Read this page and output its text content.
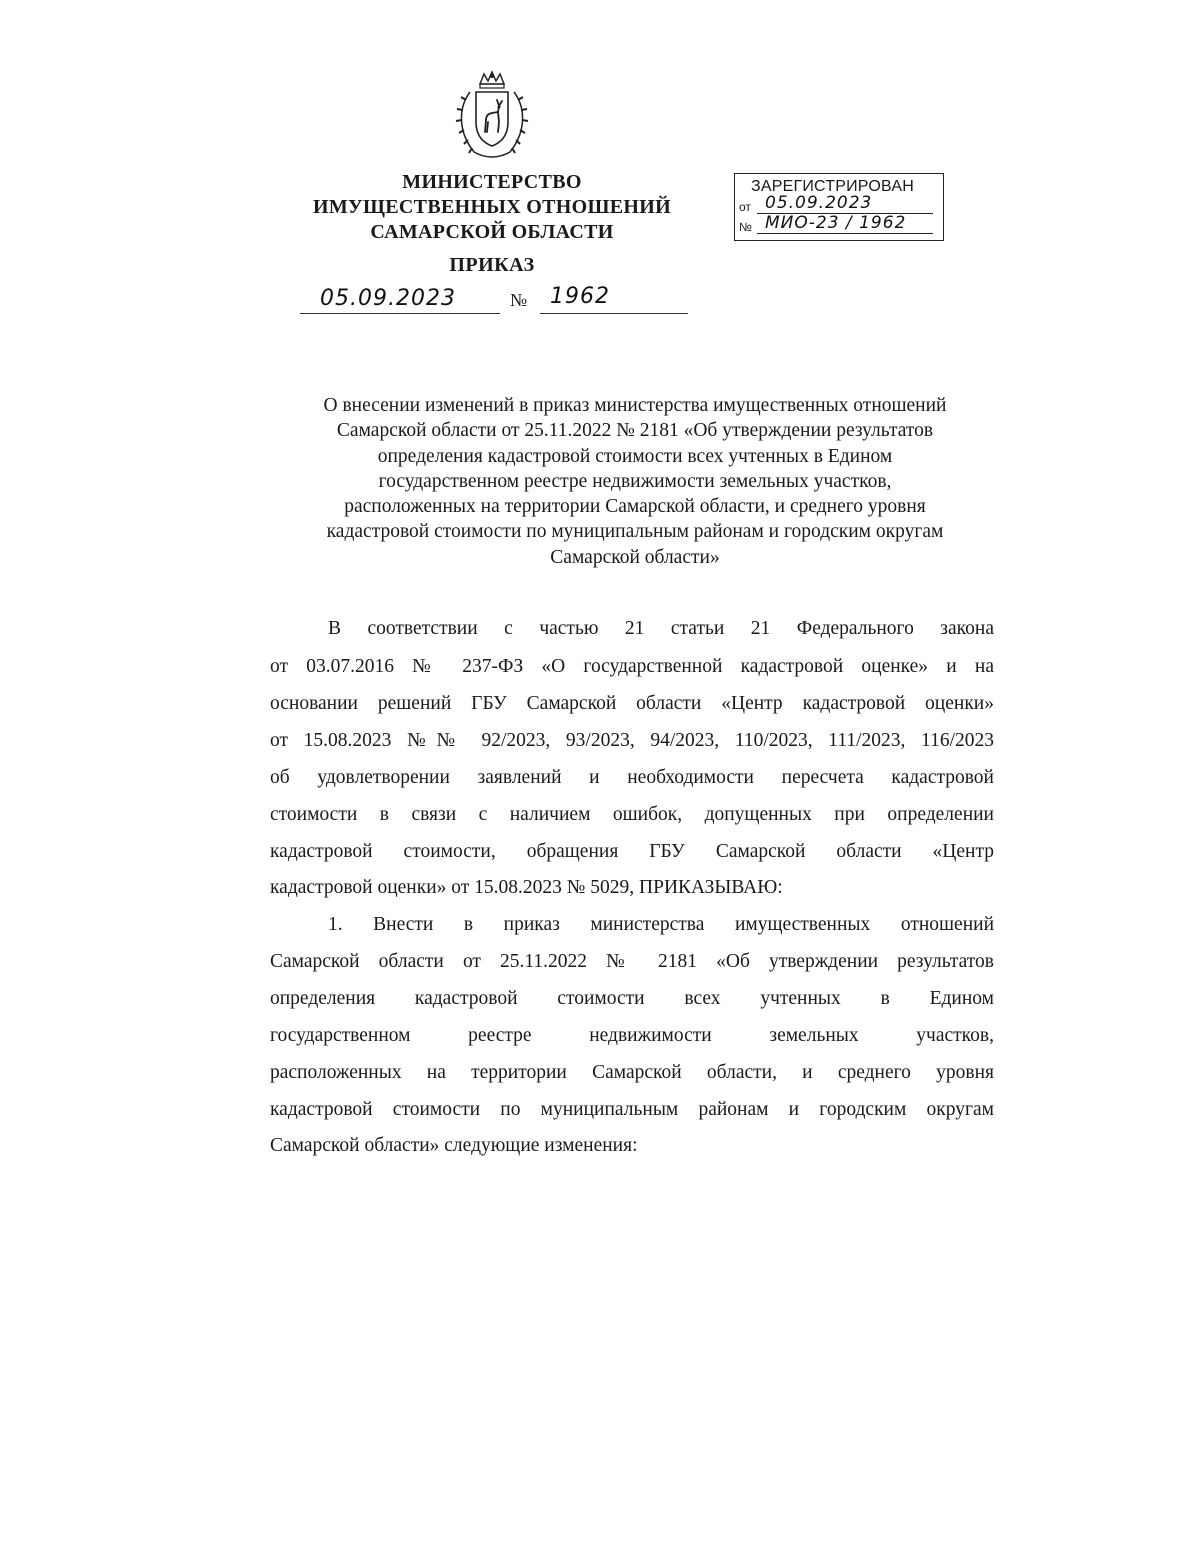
МИНИСТЕРСТВО
ИМУЩЕСТВЕННЫХ ОТНОШЕНИЙ
САМАРСКОЙ ОБЛАСТИ
ПРИКАЗ
05.09.2023	№ 1962
ЗАРЕГИСТРИРОВАН
от 05.09.2023
№ МИО-23 / 1962
О внесении изменений в приказ министерства имущественных отношений
Самарской области от 25.11.2022 № 2181 «Об утверждении результатов
определения кадастровой стоимости всех учтенных в Едином
государственном реестре недвижимости земельных участков,
расположенных на территории Самарской области, и среднего уровня
кадастровой стоимости по муниципальным районам и городским округам
Самарской области»
В соответствии с частью 21 статьи 21 Федерального закона
от 03.07.2016 № 237-ФЗ «О государственной кадастровой оценке» и на
основании решений ГБУ Самарской области «Центр кадастровой оценки»
от 15.08.2023 №№ 92/2023, 93/2023, 94/2023, 110/2023, 111/2023, 116/2023
об удовлетворении заявлений и необходимости пересчета кадастровой
стоимости в связи с наличием ошибок, допущенных при определении
кадастровой стоимости, обращения ГБУ Самарской области «Центр
кадастровой оценки» от 15.08.2023 № 5029, ПРИКАЗЫВАЮ:
1. Внести в приказ министерства имущественных отношений
Самарской области от 25.11.2022 № 2181 «Об утверждении результатов
определения кадастровой стоимости всех учтенных в Едином
государственном реестре недвижимости земельных участков,
расположенных на территории Самарской области, и среднего уровня
кадастровой стоимости по муниципальным районам и городским округам
Самарской области» следующие изменения:
